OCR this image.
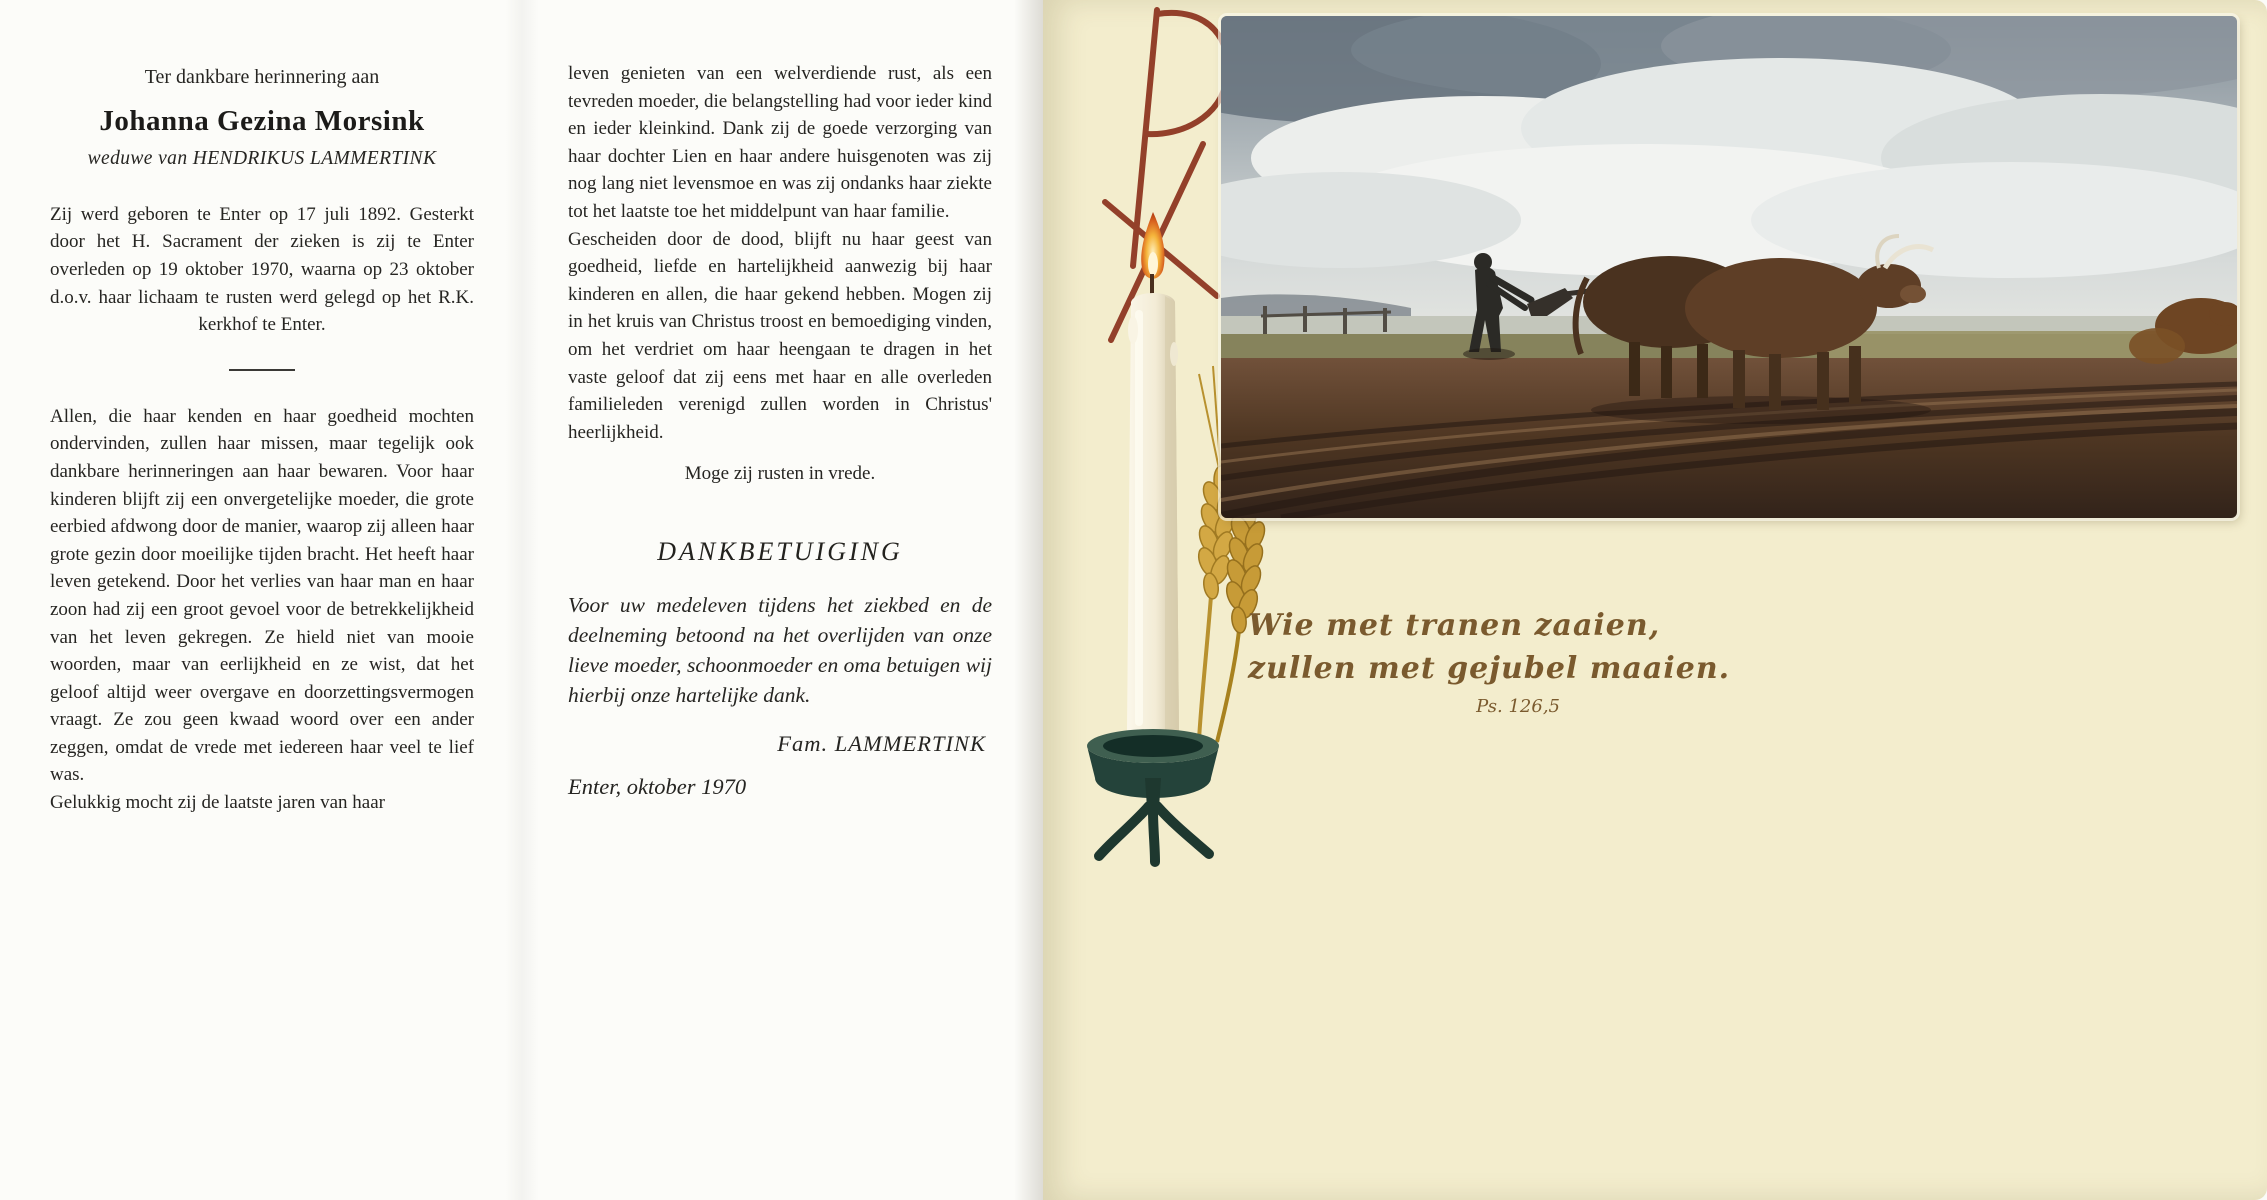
Ter dankbare herinnering aan

Johanna Gezina Morsink

weduwe van HENDRIKUS LAMMERTINK

Zij werd geboren te Enter op 17 juli 1892. Gesterkt door het H. Sacrament der zieken is zij te Enter overleden op 19 oktober 1970, waarna op 23 oktober d.o.v. haar lichaam te rusten werd gelegd op het R.K. kerkhof te Enter.

Allen, die haar kenden en haar goedheid mochten ondervinden, zullen haar missen, maar tegelijk ook dankbare herinneringen aan haar bewaren. Voor haar kinderen blijft zij een onvergetelijke moeder, die grote eerbied afdwong door de manier, waarop zij alleen haar grote gezin door moeilijke tijden bracht. Het heeft haar leven getekend. Door het verlies van haar man en haar zoon had zij een groot gevoel voor de betrekkelijkheid van het leven gekregen. Ze hield niet van mooie woorden, maar van eerlijkheid en ze wist, dat het geloof altijd weer overgave en doorzettingsvermogen vraagt. Ze zou geen kwaad woord over een ander zeggen, omdat de vrede met iedereen haar veel te lief was.

Gelukkig mocht zij de laatste jaren van haar

leven genieten van een welverdiende rust, als een tevreden moeder, die belangstelling had voor ieder kind en ieder kleinkind. Dank zij de goede verzorging van haar dochter Lien en haar andere huisgenoten was zij nog lang niet levensmoe en was zij ondanks haar ziekte tot het laatste toe het middelpunt van haar familie.

Gescheiden door de dood, blijft nu haar geest van goedheid, liefde en hartelijkheid aanwezig bij haar kinderen en allen, die haar gekend hebben. Mogen zij in het kruis van Christus troost en bemoediging vinden, om het verdriet om haar heengaan te dragen in het vaste geloof dat zij eens met haar en alle overleden familieleden verenigd zullen worden in Christus' heerlijkheid.

Moge zij rusten in vrede.

DANKBETUIGING

Voor uw medeleven tijdens het ziekbed en de deelneming betoond na het overlijden van onze lieve moeder, schoonmoeder en oma betuigen wij hierbij onze hartelijke dank.

Fam. LAMMERTINK

Enter, oktober 1970

Wie met tranen zaaien,
zullen met gejubel maaien.
Ps. 126,5
